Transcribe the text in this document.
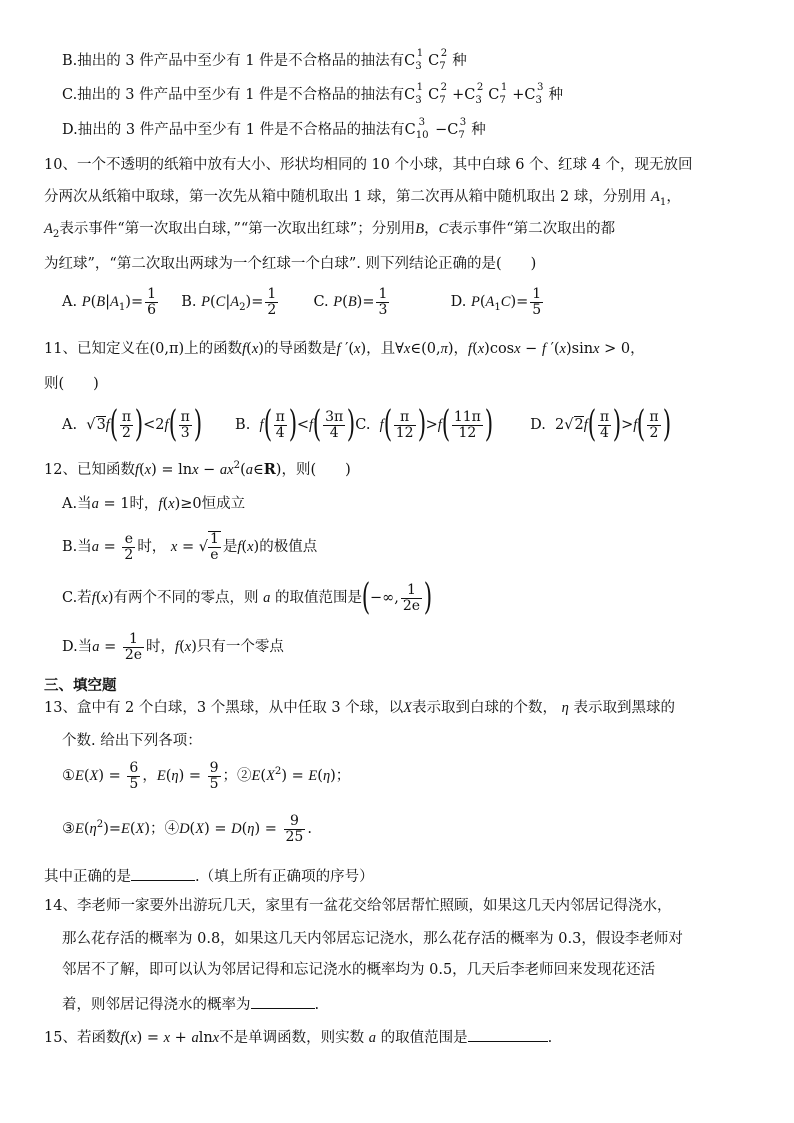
B.抽出的 3 件产品中至少有 1 件是不合格品的抽法有$C_3^1$ $C_7^2$ 种
C.抽出的 3 件产品中至少有 1 件是不合格品的抽法有$C_3^1$ $C_7^2 +C_3^2$ $C_7^1 +C_3^3$ 种
D.抽出的 3 件产品中至少有 1 件是不合格品的抽法有$C_{10}^3 -C_7^3$ 种
10、一个不透明的纸箱中放有大小、形状均相同的 10 个小球，其中白球 6 个、红球 4 个，现无放回
分两次从纸箱中取球，第一次先从箱中随机取出 1 球，第二次再从箱中随机取出 2 球，分别用 $A_1$，
$A_2$表示事件“第一次取出白球，”“第一次取出红球”；分别用B，C表示事件“第二次取出的都
为红球”，“第二次取出两球为一个红球一个白球”. 则下列结论正确的是(　　)
A. $P(B|A_1)= \frac{1}{6} B$. $P(C|A_2)= \frac{1}{2} C$. $P(B)= \frac{1}{3}$	D. $P(A_1C)= \frac{1}{5}$
11、已知定义在(0,π)上的函数f(x)的导函数是f ′(x)，且∀x∈(0,π)，f(x)cosx − f ′(x)sinx > 0，
则(　　)
A.  $√3f( \frac{\pi}{2} )<2f( \frac{\pi}{3}$ ) B. $f( \frac{\pi}{4} )<f( \frac{3\pi}{4} )C$. $f( \frac{\pi}{12} )>f( \frac{11\pi}{12}$ )	D.  $2√2f( \frac{\pi}{4} )>f( \frac{\pi}{2}$ )
12、已知函数$f(x) = \ln x - ax^2(a\in R)$，则(　　)
A.当a = 1时，f(x)≥0恒成立
B.当$a = \frac{e}{2}$ 时， x = √ $\frac{1}{e}$ 是f(x)的极值点
C.若f(x)有两个不同的零点，则 a 的取值范围是(−∞, $\frac{1}{2e}$ )
D.当$a = \frac{1}{2e}$ 时，f(x)只有一个零点
三、填空题
13、盒中有 2 个白球，3 个黑球，从中任取 3 个球，以X表示取到白球的个数， η 表示取到黑球的
个数. 给出下列各项：
①E(X) = $\frac{6}{5}$ ，$E(\eta) = \frac{9}{5}$ ；$②E(X^2) = E(\eta)$；
$③E(\eta^2)=E(X)$；④D(X) = $D(\eta) = \frac{9}{25}$ .
其中正确的是	.（填上所有正确项的序号）
14、李老师一家要外出游玩几天，家里有一盆花交给邻居帮忙照顾，如果这几天内邻居记得浇水，
那么花存活的概率为 0.8，如果这几天内邻居忘记浇水，那么花存活的概率为 0.3，假设李老师对
邻居不了解，即可以认为邻居记得和忘记浇水的概率均为 0.5，几天后李老师回来发现花还活
着，则邻居记得浇水的概率为	.
15、若函数f(x) = x + alnx不是单调函数，则实数 a 的取值范围是	.
